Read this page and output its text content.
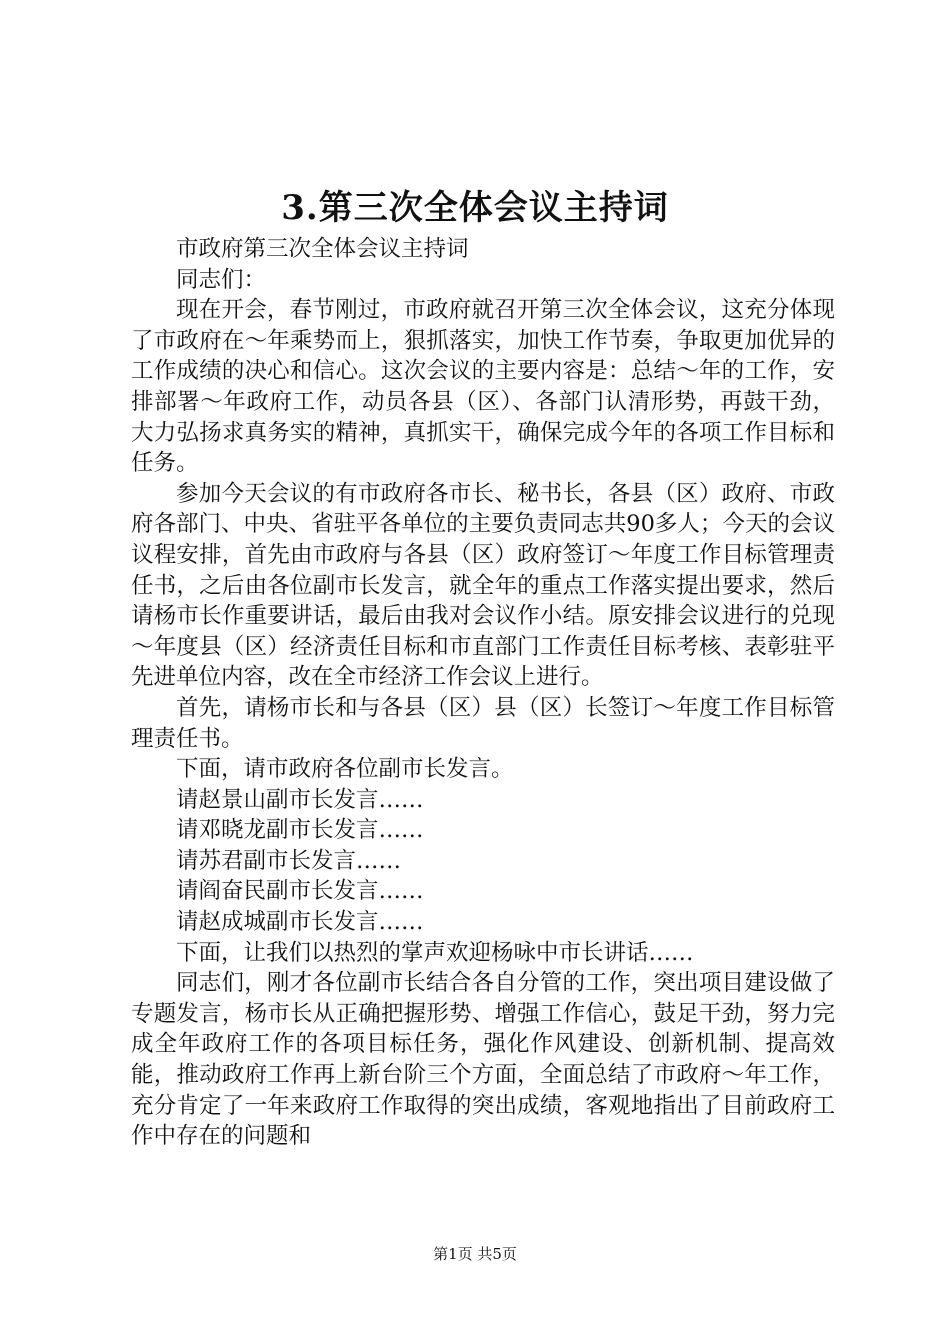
3.第三次全体会议主持词

市政府第三次全体会议主持词

同志们：

现在开会，春节刚过，市政府就召开第三次全体会议，这充分体现了市政府在～年乘势而上，狠抓落实，加快工作节奏，争取更加优异的工作成绩的决心和信心。这次会议的主要内容是：总结～年的工作，安排部署～年政府工作，动员各县（区）、各部门认清形势，再鼓干劲，大力弘扬求真务实的精神，真抓实干，确保完成今年的各项工作目标和任务。

参加今天会议的有市政府各市长、秘书长，各县（区）政府、市政府各部门、中央、省驻平各单位的主要负责同志共90多人；今天的会议议程安排，首先由市政府与各县（区）政府签订～年度工作目标管理责任书，之后由各位副市长发言，就全年的重点工作落实提出要求，然后请杨市长作重要讲话，最后由我对会议作小结。原安排会议进行的兑现～年度县（区）经济责任目标和市直部门工作责任目标考核、表彰驻平先进单位内容，改在全市经济工作会议上进行。

首先，请杨市长和与各县（区）县（区）长签订～年度工作目标管理责任书。

下面，请市政府各位副市长发言。

请赵景山副市长发言……

请邓晓龙副市长发言……

请苏君副市长发言……

请阎奋民副市长发言……

请赵成城副市长发言……

下面，让我们以热烈的掌声欢迎杨咏中市长讲话……

同志们，刚才各位副市长结合各自分管的工作，突出项目建设做了专题发言，杨市长从正确把握形势、增强工作信心，鼓足干劲，努力完成全年政府工作的各项目标任务，强化作风建设、创新机制、提高效能，推动政府工作再上新台阶三个方面，全面总结了市政府～年工作，充分肯定了一年来政府工作取得的突出成绩，客观地指出了目前政府工作中存在的问题和

第1页 共5页
